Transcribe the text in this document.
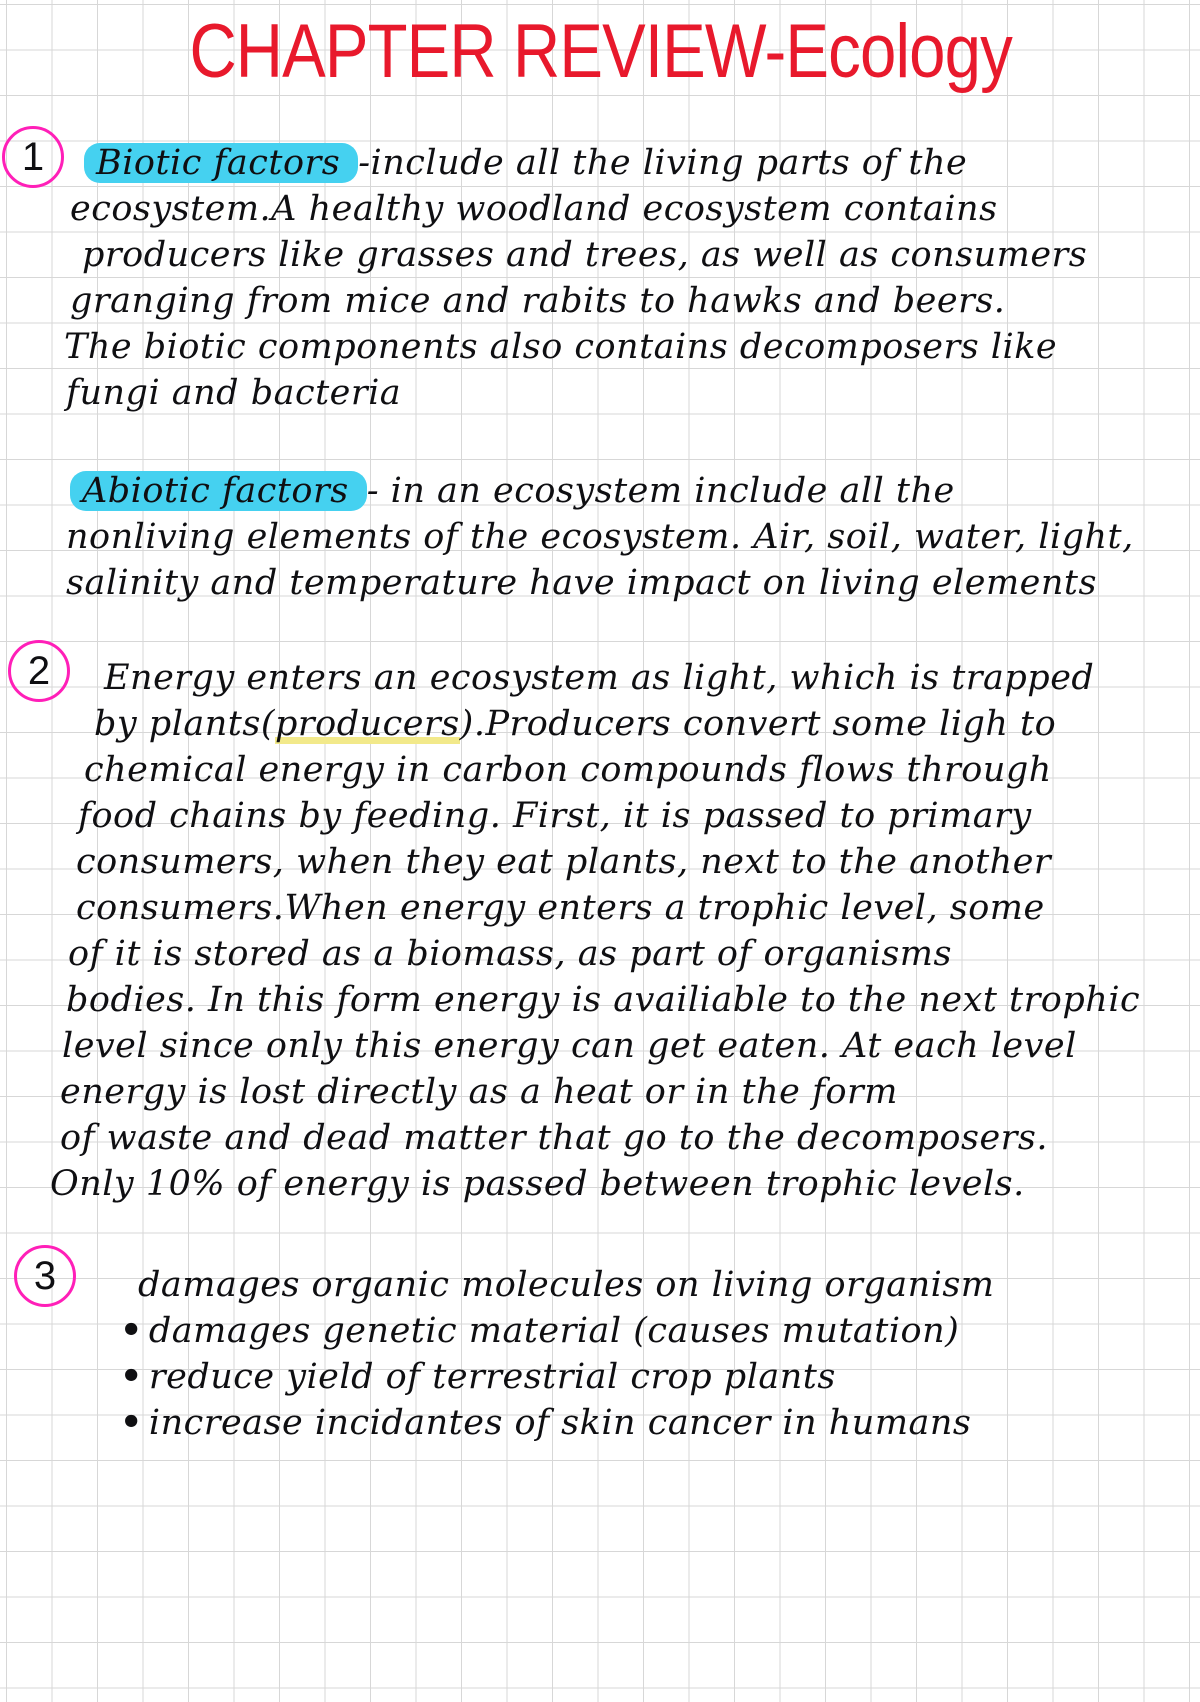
CHAPTER REVIEW-Ecology
1	Biotic factors -include all the living parts of the
ecosystem.A healthy woodland ecosystem contains
producers like grasses and trees, as well as consumers
granging from mice and rabits to hawks and beers.
The biotic components also contains decomposers like
fungi and bacteria
Abiotic factors - in an ecosystem include all the
nonliving elements of the ecosystem. Air, soil, water, light,
salinity and temperature have impact on living elements
2	Energy enters an ecosystem as light, which is trapped
by plants(producers).Producers convert some ligh to
chemical energy in carbon compounds flows through
food chains by feeding. First, it is passed to primary
consumers, when they eat plants, next to the another
consumers.When energy enters a trophic level, some
of it is stored as a biomass, as part of organisms
bodies. In this form energy is availiable to the next trophic
level since only this energy can get eaten. At each level
energy is lost directly as a heat or in the form
of waste and dead matter that go to the decomposers.
Only 10% of energy is passed between trophic levels.
3	damages organic molecules on living organism
• damages genetic material (causes mutation)
• reduce yield of terrestrial crop plants
• increase incidantes of skin cancer in humans
